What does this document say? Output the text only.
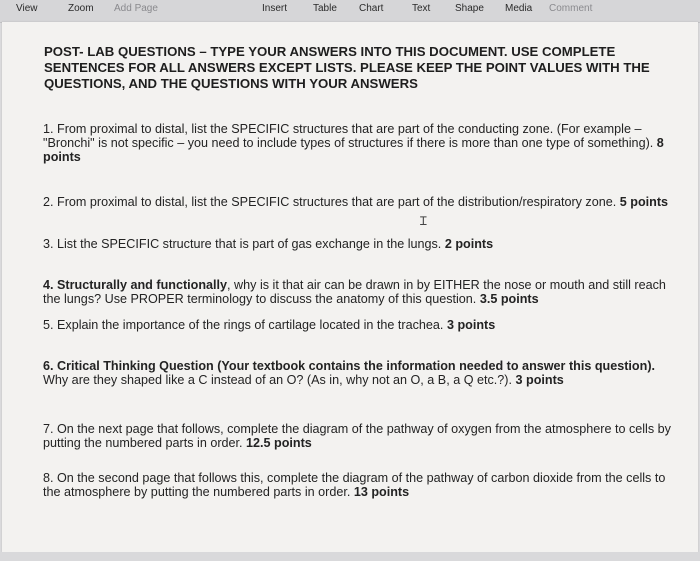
View	Zoom Add Page	Insert	Table Chart	Text Shape Media Comment

POST- LAB QUESTIONS – TYPE YOUR ANSWERS INTO THIS DOCUMENT. USE COMPLETE SENTENCES FOR ALL ANSWERS EXCEPT LISTS. PLEASE KEEP THE POINT VALUES WITH THE QUESTIONS, AND THE QUESTIONS WITH YOUR ANSWERS

1. From proximal to distal, list the SPECIFIC structures that are part of the conducting zone. (For example – "Bronchi" is not specific – you need to include types of structures if there is more than one type of something). 8 points

2. From proximal to distal, list the SPECIFIC structures that are part of the distribution/respiratory zone. 5 points

3. List the SPECIFIC structure that is part of gas exchange in the lungs. 2 points

4. Structurally and functionally, why is it that air can be drawn in by EITHER the nose or mouth and still reach the lungs? Use PROPER terminology to discuss the anatomy of this question. 3.5 points

5. Explain the importance of the rings of cartilage located in the trachea. 3 points

6. Critical Thinking Question (Your textbook contains the information needed to answer this question). Why are they shaped like a C instead of an O? (As in, why not an O, a B, a Q etc.?). 3 points

7. On the next page that follows, complete the diagram of the pathway of oxygen from the atmosphere to cells by putting the numbered parts in order. 12.5 points

8. On the second page that follows this, complete the diagram of the pathway of carbon dioxide from the cells to the atmosphere by putting the numbered parts in order. 13 points

Ɪ
